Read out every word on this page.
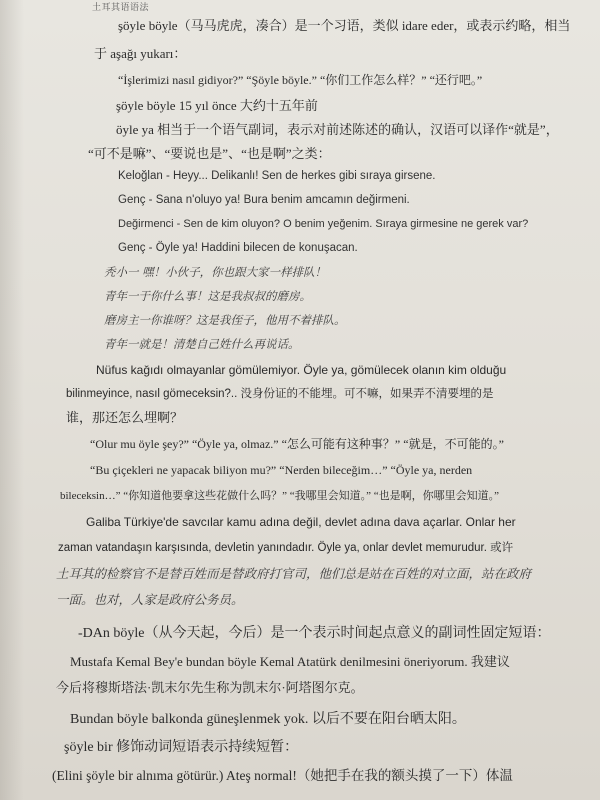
土耳其语语法
şöyle böyle（马马虎虎，凑合）是一个习语，类似 idare eder，或表示约略，相当
于 aşağı yukarı：
“İşlerimizi nasıl gidiyor?” “Şöyle böyle.” “你们工作怎么样？” “还行吧。”
şöyle böyle 15 yıl önce 大约十五年前
öyle ya 相当于一个语气副词，表示对前述陈述的确认，汉语可以译作“就是”，
“可不是嘛”、“要说也是”、“也是啊”之类：
Keloğlan - Heyy... Delikanlı! Sen de herkes gibi sıraya girsene.
Genç - Sana n'oluyo ya! Bura benim amcamın değirmeni.
Değirmenci - Sen de kim oluyon? O benim yeğenim. Sıraya girmesine ne gerek var?
Genç - Öyle ya! Haddini bilecen de konuşacan.
秃小一 嘿！小伙子，你也跟大家一样排队！
青年一于你什么事！这是我叔叔的磨房。
磨房主一你谁呀？这是我侄子，他用不着排队。
青年一就是！清楚自己姓什么再说话。
Nüfus kağıdı olmayanlar gömülemiyor. Öyle ya, gömülecek olanın kim olduğu
bilinmeyince, nasıl gömeceksin?.. 没身份证的不能埋。可不嘛，如果弄不清要埋的是
谁，那还怎么埋啊？
“Olur mu öyle şey?” “Öyle ya, olmaz.” “怎么可能有这种事？” “就是，不可能的。”
“Bu çiçekleri ne yapacak biliyon mu?” “Nerden bileceğim…” “Öyle ya, nerden
bileceksin…” “你知道他要拿这些花做什么吗？” “我哪里会知道。” “也是啊，你哪里会知道。”
Galiba Türkiye'de savcılar kamu adına değil, devlet adına dava açarlar. Onlar her
zaman vatandaşın karşısında, devletin yanındadır. Öyle ya, onlar devlet memurudur. 或许
土耳其的检察官不是替百姓而是替政府打官司，他们总是站在百姓的对立面，站在政府
一面。也对，人家是政府公务员。
-DAn böyle（从今天起，今后）是一个表示时间起点意义的副词性固定短语：
Mustafa Kemal Bey'e bundan böyle Kemal Atatürk denilmesini öneriyorum. 我建议
今后将穆斯塔法·凯末尔先生称为凯末尔·阿塔图尔克。
Bundan böyle balkonda güneşlenmek yok. 以后不要在阳台晒太阳。
şöyle bir 修饰动词短语表示持续短暂：
(Elini şöyle bir alnıma götürür.) Ateş normal!（她把手在我的额头摸了一下）体温
